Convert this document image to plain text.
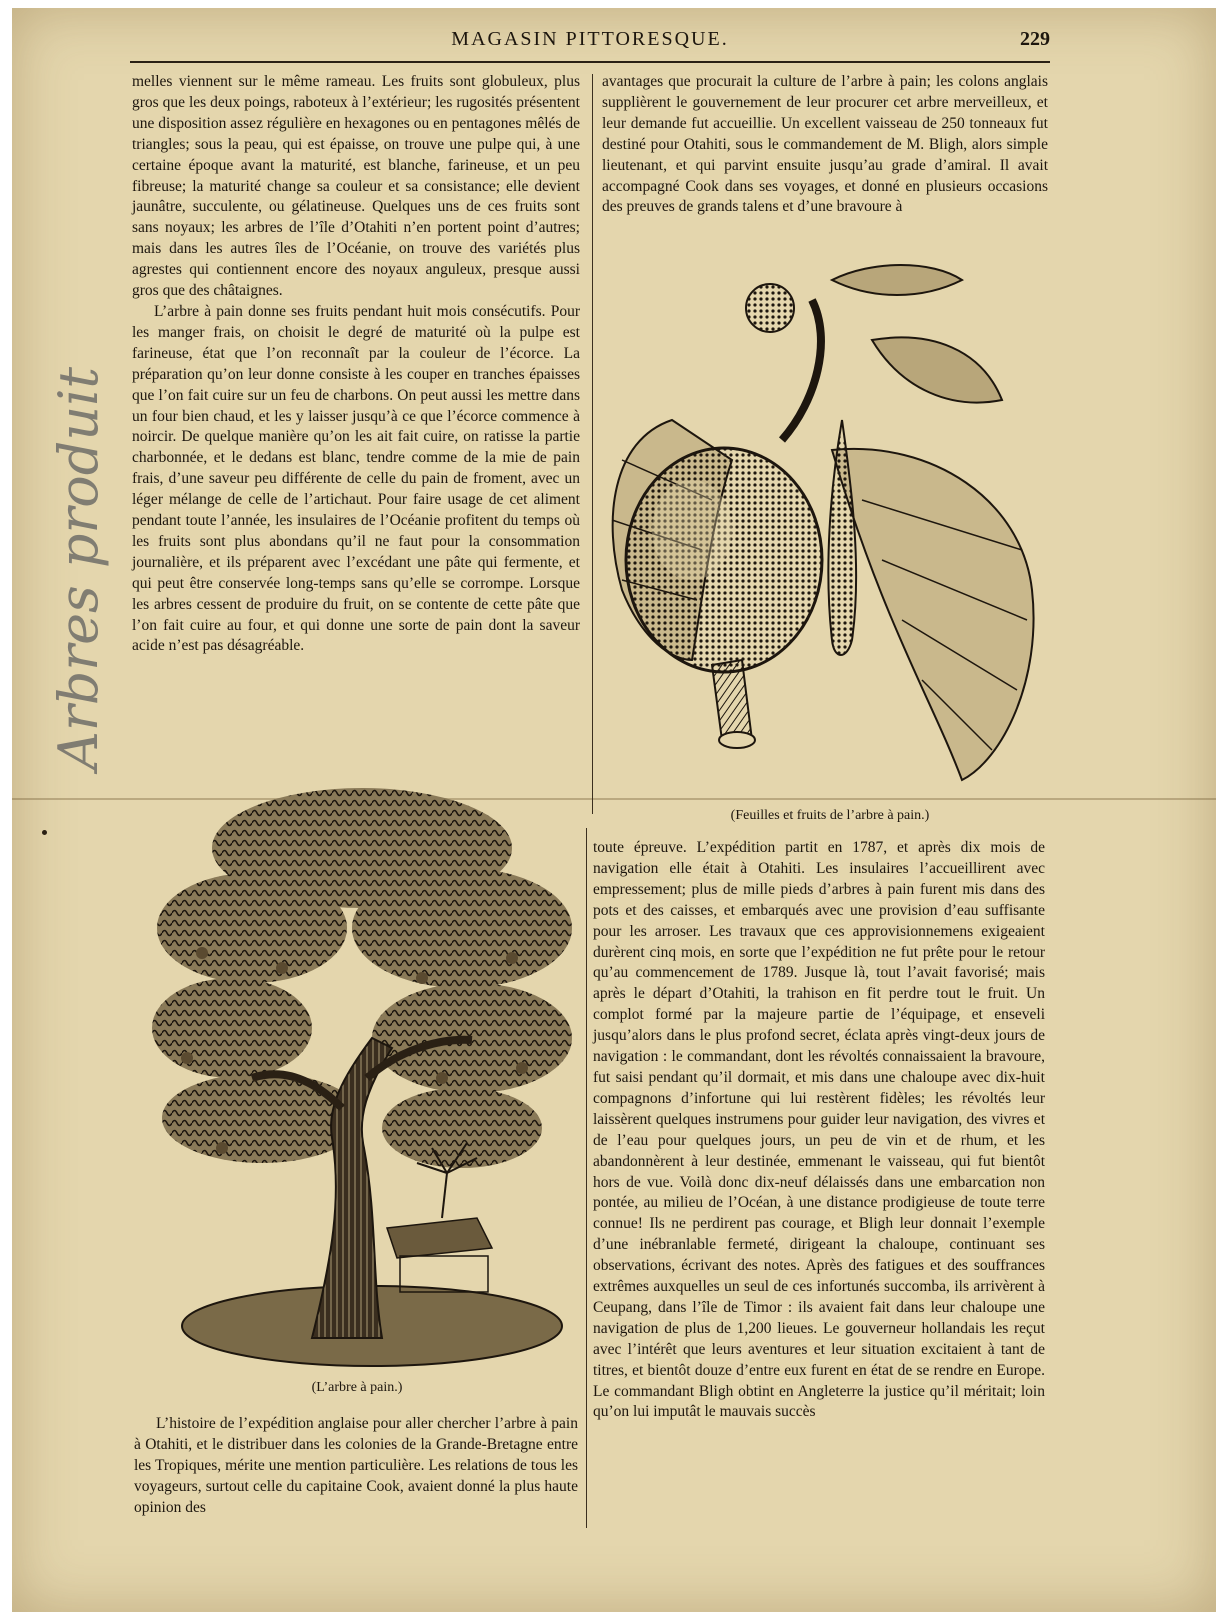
MAGASIN PITTORESQUE.	229
Arbres produit

melles viennent sur le même rameau. Les fruits sont globuleux, plus gros que les deux poings, raboteux à l’extérieur; les rugosités présentent une disposition assez régulière en hexagones ou en pentagones mêlés de triangles; sous la peau, qui est épaisse, on trouve une pulpe qui, à une certaine époque avant la maturité, est blanche, farineuse, et un peu fibreuse; la maturité change sa couleur et sa consistance; elle devient jaunâtre, succulente, ou gélatineuse. Quelques uns de ces fruits sont sans noyaux; les arbres de l’île d’Otahiti n’en portent point d’autres; mais dans les autres îles de l’Océanie, on trouve des variétés plus agrestes qui contiennent encore des noyaux anguleux, presque aussi gros que des châtaignes.

L’arbre à pain donne ses fruits pendant huit mois consécutifs. Pour les manger frais, on choisit le degré de maturité où la pulpe est farineuse, état que l’on reconnaît par la couleur de l’écorce. La préparation qu’on leur donne consiste à les couper en tranches épaisses que l’on fait cuire sur un feu de charbons. On peut aussi les mettre dans un four bien chaud, et les y laisser jusqu’à ce que l’écorce commence à noircir. De quelque manière qu’on les ait fait cuire, on ratisse la partie charbonnée, et le dedans est blanc, tendre comme de la mie de pain frais, d’une saveur peu différente de celle du pain de froment, avec un léger mélange de celle de l’artichaut. Pour faire usage de cet aliment pendant toute l’année, les insulaires de l’Océanie profitent du temps où les fruits sont plus abondans qu’il ne faut pour la consommation journalière, et ils préparent avec l’excédant une pâte qui fermente, et qui peut être conservée long-temps sans qu’elle se corrompe. Lorsque les arbres cessent de produire du fruit, on se contente de cette pâte que l’on fait cuire au four, et qui donne une sorte de pain dont la saveur acide n’est pas désagréable.

avantages que procurait la culture de l’arbre à pain; les colons anglais supplièrent le gouvernement de leur procurer cet arbre merveilleux, et leur demande fut accueillie. Un excellent vaisseau de 250 tonneaux fut destiné pour Otahiti, sous le commandement de M. Bligh, alors simple lieutenant, et qui parvint ensuite jusqu’au grade d’amiral. Il avait accompagné Cook dans ses voyages, et donné en plusieurs occasions des preuves de grands talens et d’une bravoure à

(Feuilles et fruits de l’arbre à pain.)
(L’arbre à pain.)

L’histoire de l’expédition anglaise pour aller chercher l’arbre à pain à Otahiti, et le distribuer dans les colonies de la Grande-Bretagne entre les Tropiques, mérite une mention particulière. Les relations de tous les voyageurs, surtout celle du capitaine Cook, avaient donné la plus haute opinion des

toute épreuve. L’expédition partit en 1787, et après dix mois de navigation elle était à Otahiti. Les insulaires l’accueillirent avec empressement; plus de mille pieds d’arbres à pain furent mis dans des pots et des caisses, et embarqués avec une provision d’eau suffisante pour les arroser. Les travaux que ces approvisionnemens exigeaient durèrent cinq mois, en sorte que l’expédition ne fut prête pour le retour qu’au commencement de 1789. Jusque là, tout l’avait favorisé; mais après le départ d’Otahiti, la trahison en fit perdre tout le fruit. Un complot formé par la majeure partie de l’équipage, et enseveli jusqu’alors dans le plus profond secret, éclata après vingt-deux jours de navigation : le commandant, dont les révoltés connaissaient la bravoure, fut saisi pendant qu’il dormait, et mis dans une chaloupe avec dix-huit compagnons d’infortune qui lui restèrent fidèles; les révoltés leur laissèrent quelques instrumens pour guider leur navigation, des vivres et de l’eau pour quelques jours, un peu de vin et de rhum, et les abandonnèrent à leur destinée, emmenant le vaisseau, qui fut bientôt hors de vue. Voilà donc dix-neuf délaissés dans une embarcation non pontée, au milieu de l’Océan, à une distance prodigieuse de toute terre connue! Ils ne perdirent pas courage, et Bligh leur donnait l’exemple d’une inébranlable fermeté, dirigeant la chaloupe, continuant ses observations, écrivant des notes. Après des fatigues et des souffrances extrêmes auxquelles un seul de ces infortunés succomba, ils arrivèrent à Ceupang, dans l’île de Timor : ils avaient fait dans leur chaloupe une navigation de plus de 1,200 lieues. Le gouverneur hollandais les reçut avec l’intérêt que leurs aventures et leur situation excitaient à tant de titres, et bientôt douze d’entre eux furent en état de se rendre en Europe. Le commandant Bligh obtint en Angleterre la justice qu’il méritait; loin qu’on lui imputât le mauvais succès
